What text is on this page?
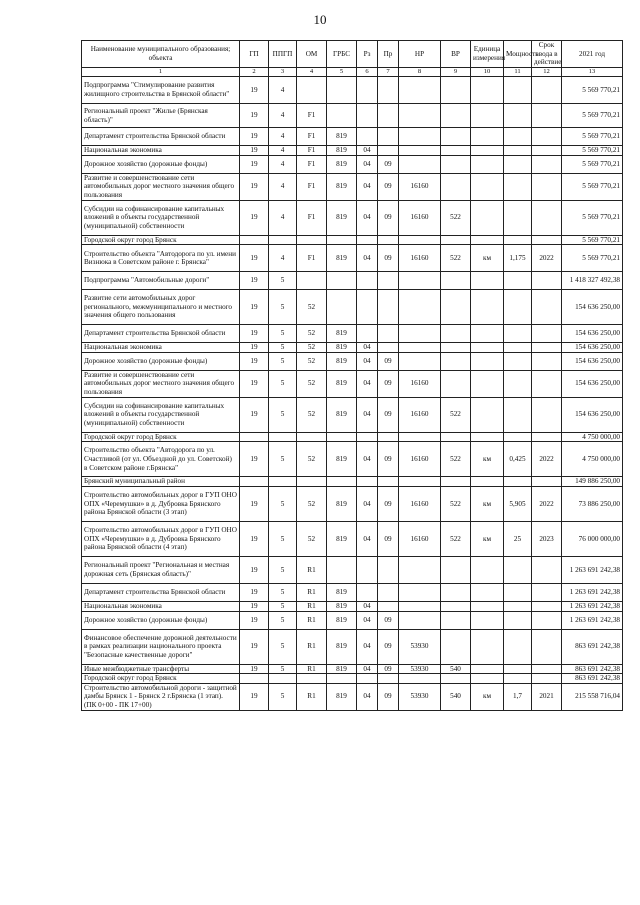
10
Наименование муниципального образования; объекта	ГП	ППГП	ОМ	ГРБС	Рз	Пр	НР	ВР	Единица измерения	Мощность	Срок ввода в действие	2021 год
1	2	3	4	5	6	7	8	9	10	11	12	13
Подпрограмма "Стимулирование развития жилищного строительства в Брянской области"	19	4										5 569 770,21
Региональный проект "Жилье (Брянская область)"	19	4	F1									5 569 770,21
Департамент строительства Брянской области	19	4	F1	819								5 569 770,21
Национальная экономика	19	4	F1	819	04							5 569 770,21
Дорожное хозяйство (дорожные фонды)	19	4	F1	819	04	09						5 569 770,21
Развитие и совершенствование сети автомобильных дорог местного значения общего пользования	19	4	F1	819	04	09	16160					5 569 770,21
Субсидии на софинансирование капитальных вложений в объекты государственной (муниципальной) собственности	19	4	F1	819	04	09	16160	522				5 569 770,21
Городской округ город Брянск												5 569 770,21
Строительство объекта "Автодорога по ул. имени Визнюка в Советском районе г. Брянска"	19	4	F1	819	04	09	16160	522	км	1,175	2022	5 569 770,21
Подпрограмма "Автомобильные дороги"	19	5										1 418 327 492,38
Развитие сети автомобильных дорог регионального, межмуниципального и местного значения общего пользования	19	5	52									154 636 250,00
Департамент строительства Брянской области	19	5	52	819								154 636 250,00
Национальная экономика	19	5	52	819	04							154 636 250,00
Дорожное хозяйство (дорожные фонды)	19	5	52	819	04	09						154 636 250,00
Развитие и совершенствование сети автомобильных дорог местного значения общего пользования	19	5	52	819	04	09	16160					154 636 250,00
Субсидии на софинансирование капитальных вложений в объекты государственной (муниципальной) собственности	19	5	52	819	04	09	16160	522				154 636 250,00
Городской округ город Брянск												4 750 000,00
Строительство объекта "Автодорога по ул. Счастливой (от ул. Объездной до ул. Советской) в Советском районе г.Брянска"	19	5	52	819	04	09	16160	522	км	0,425	2022	4 750 000,00
Брянский муниципальный район												149 886 250,00
Строительство автомобильных дорог в ГУП ОНО ОПХ «Черемушки» в д. Дубровка Брянского района Брянской области (3 этап)	19	5	52	819	04	09	16160	522	км	5,905	2022	73 886 250,00
Строительство автомобильных дорог в ГУП ОНО ОПХ «Черемушки» в д. Дубровка Брянского района Брянской области (4 этап)	19	5	52	819	04	09	16160	522	км	25	2023	76 000 000,00
Региональный проект "Региональная и местная дорожная сеть (Брянская область)"	19	5	R1									1 263 691 242,38
Департамент строительства Брянской области	19	5	R1	819								1 263 691 242,38
Национальная экономика	19	5	R1	819	04							1 263 691 242,38
Дорожное хозяйство (дорожные фонды)	19	5	R1	819	04	09						1 263 691 242,38
Финансовое обеспечение дорожной деятельности в рамках реализации национального проекта "Безопасные качественные дороги"	19	5	R1	819	04	09	53930					863 691 242,38
Иные межбюджетные трансферты	19	5	R1	819	04	09	53930	540				863 691 242,38
Городской округ город Брянск												863 691 242,38
Строительство автомобильной дороги - защитной дамбы Брянск 1 - Брянск 2 г.Брянска (1 этап). (ПК 0+00 - ПК 17+00)	19	5	R1	819	04	09	53930	540	км	1,7	2021	215 558 716,04
